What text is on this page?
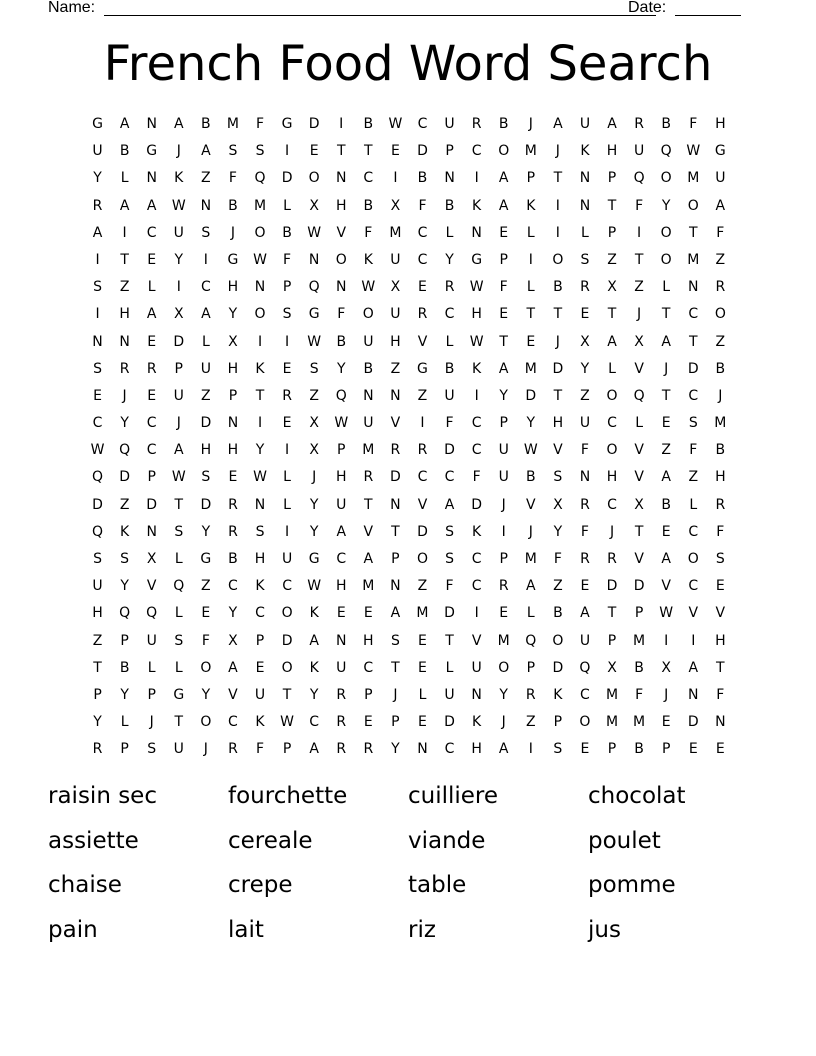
Name:	Date:
French Food Word Search
G	A	N	A	B	M	F	G	D	I	B	W	C	U	R	B	J	A	U	A	R	B	F	H
U	B	G	J	A	S	S	I	E	T	T	E	D	P	C	O	M	J	K	H	U	Q	W	G
Y	L	N	K	Z	F	Q	D	O	N	C	I	B	N	I	A	P	T	N	P	Q	O	M	U
R	A	A	W	N	B	M	L	X	H	B	X	F	B	K	A	K	I	N	T	F	Y	O	A
A	I	C	U	S	J	O	B	W	V	F	M	C	L	N	E	L	I	L	P	I	O	T	F
I	T	E	Y	I	G	W	F	N	O	K	U	C	Y	G	P	I	O	S	Z	T	O	M	Z
S	Z	L	I	C	H	N	P	Q	N	W	X	E	R	W	F	L	B	R	X	Z	L	N	R
I	H	A	X	A	Y	O	S	G	F	O	U	R	C	H	E	T	T	E	T	J	T	C	O
N	N	E	D	L	X	I	I	W	B	U	H	V	L	W	T	E	J	X	A	X	A	T	Z
S	R	R	P	U	H	K	E	S	Y	B	Z	G	B	K	A	M	D	Y	L	V	J	D	B
E	J	E	U	Z	P	T	R	Z	Q	N	N	Z	U	I	Y	D	T	Z	O	Q	T	C	J
C	Y	C	J	D	N	I	E	X	W	U	V	I	F	C	P	Y	H	U	C	L	E	S	M
W	Q	C	A	H	H	Y	I	X	P	M	R	R	D	C	U	W	V	F	O	V	Z	F	B
Q	D	P	W	S	E	W	L	J	H	R	D	C	C	F	U	B	S	N	H	V	A	Z	H
D	Z	D	T	D	R	N	L	Y	U	T	N	V	A	D	J	V	X	R	C	X	B	L	R
Q	K	N	S	Y	R	S	I	Y	A	V	T	D	S	K	I	J	Y	F	J	T	E	C	F
S	S	X	L	G	B	H	U	G	C	A	P	O	S	C	P	M	F	R	R	V	A	O	S
U	Y	V	Q	Z	C	K	C	W	H	M	N	Z	F	C	R	A	Z	E	D	D	V	C	E
H	Q	Q	L	E	Y	C	O	K	E	E	A	M	D	I	E	L	B	A	T	P	W	V	V
Z	P	U	S	F	X	P	D	A	N	H	S	E	T	V	M	Q	O	U	P	M	I	I	H
T	B	L	L	O	A	E	O	K	U	C	T	E	L	U	O	P	D	Q	X	B	X	A	T
P	Y	P	G	Y	V	U	T	Y	R	P	J	L	U	N	Y	R	K	C	M	F	J	N	F
Y	L	J	T	O	C	K	W	C	R	E	P	E	D	K	J	Z	P	O	M	M	E	D	N
R	P	S	U	J	R	F	P	A	R	R	Y	N	C	H	A	I	S	E	P	B	P	E	E
raisin sec	fourchette	cuilliere	chocolat
assiette	cereale	viande	poulet
chaise	crepe	table	pomme
pain	lait	riz	jus
